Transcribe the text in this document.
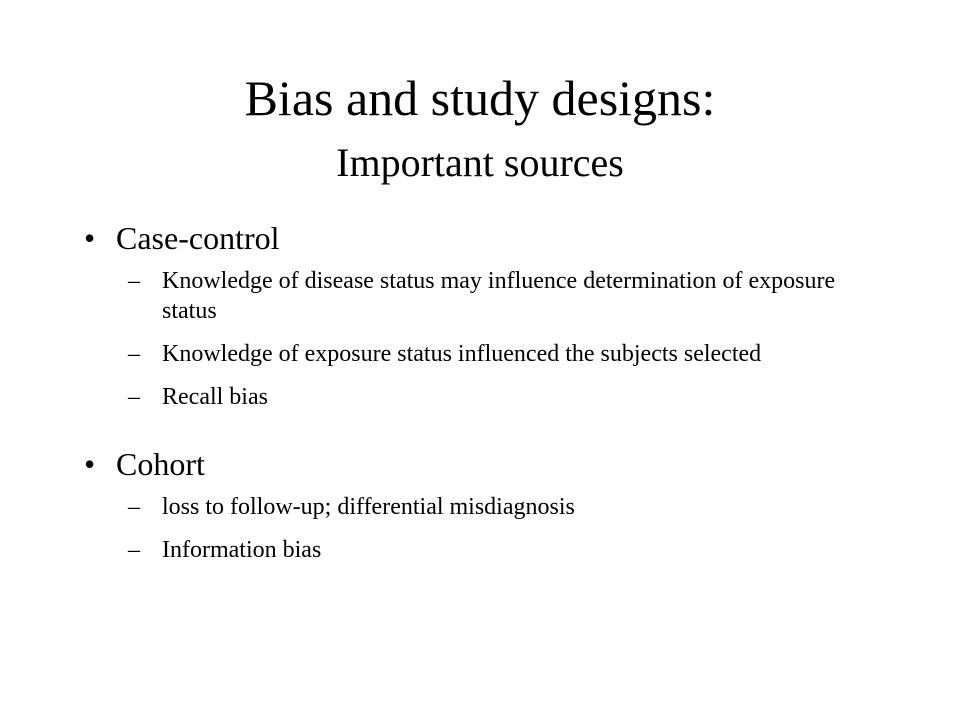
Bias and study designs:
Important sources
• Case-control
– Knowledge of disease status may influence determination of exposure status
– Knowledge of exposure status influenced the subjects selected
– Recall bias
• Cohort
– loss to follow-up; differential misdiagnosis
– Information bias
